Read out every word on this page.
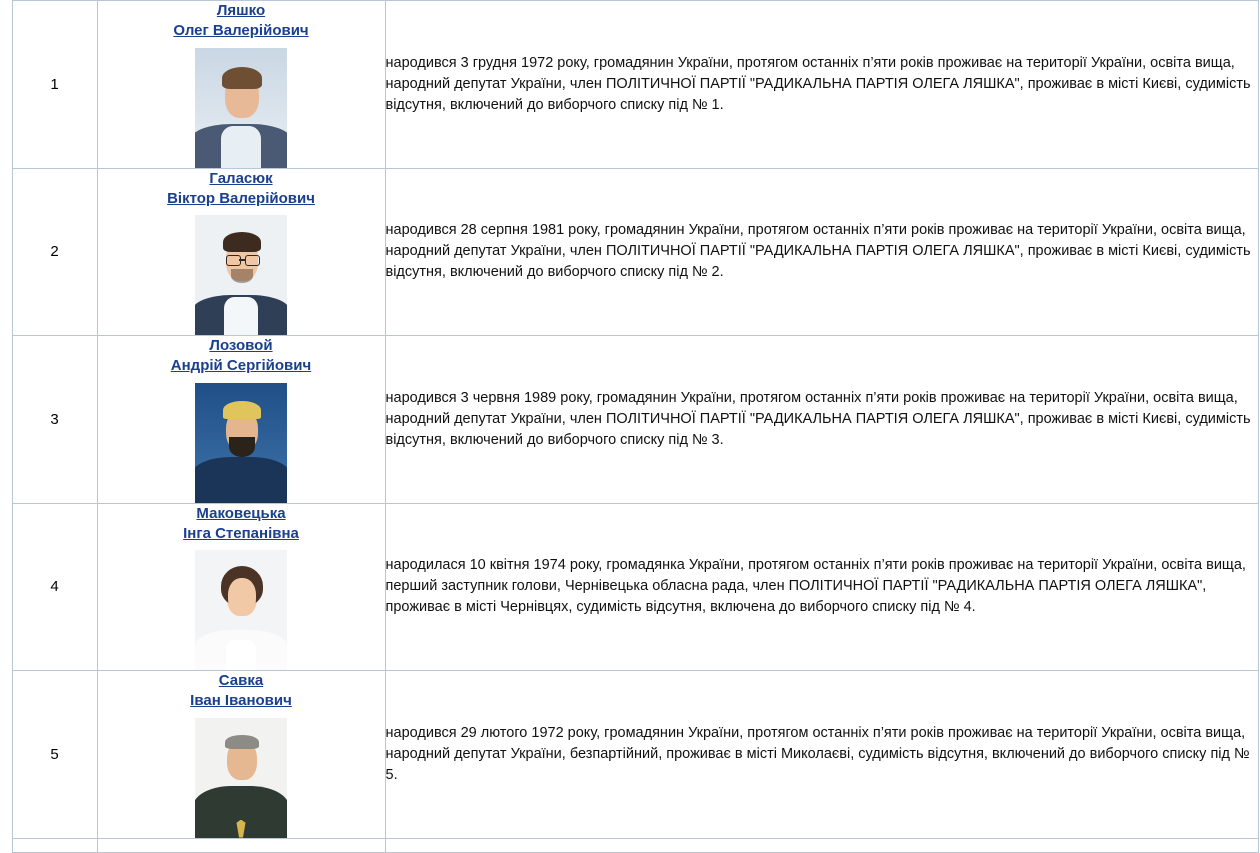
	1	Ляшко
Олег Валерійович	народився 3 грудня 1972 року, громадянин України, протягом останніх п’яти років проживає на території України, освіта вища, народний депутат України, член ПОЛІТИЧНОЇ ПАРТІЇ "РАДИКАЛЬНА ПАРТІЯ ОЛЕГА ЛЯШКА", проживає в місті Києві, судимість відсутня, включений до виборчого списку під № 1.	
	2	Галасюк
Віктор Валерійович	народився 28 серпня 1981 року, громадянин України, протягом останніх п’яти років проживає на території України, освіта вища, народний депутат України, член ПОЛІТИЧНОЇ ПАРТІЇ "РАДИКАЛЬНА ПАРТІЯ ОЛЕГА ЛЯШКА", проживає в місті Києві, судимість відсутня, включений до виборчого списку під № 2.	
	3	Лозовой
Андрій Сергійович	народився 3 червня 1989 року, громадянин України, протягом останніх п’яти років проживає на території України, освіта вища, народний депутат України, член ПОЛІТИЧНОЇ ПАРТІЇ "РАДИКАЛЬНА ПАРТІЯ ОЛЕГА ЛЯШКА", проживає в місті Києві, судимість відсутня, включений до виборчого списку під № 3.	
	4	Маковецька
Інга Степанівна	народилася 10 квітня 1974 року, громадянка України, протягом останніх п’яти років проживає на території України, освіта вища, перший заступник голови, Чернівецька обласна рада, член ПОЛІТИЧНОЇ ПАРТІЇ "РАДИКАЛЬНА ПАРТІЯ ОЛЕГА ЛЯШКА", проживає в місті Чернівцях, судимість відсутня, включена до виборчого списку під № 4.	
	5	Савка
Іван Іванович	народився 29 лютого 1972 року, громадянин України, протягом останніх п’яти років проживає на території України, освіта вища, народний депутат України, безпартійний, проживає в місті Миколаєві, судимість відсутня, включений до виборчого списку під № 5.	
